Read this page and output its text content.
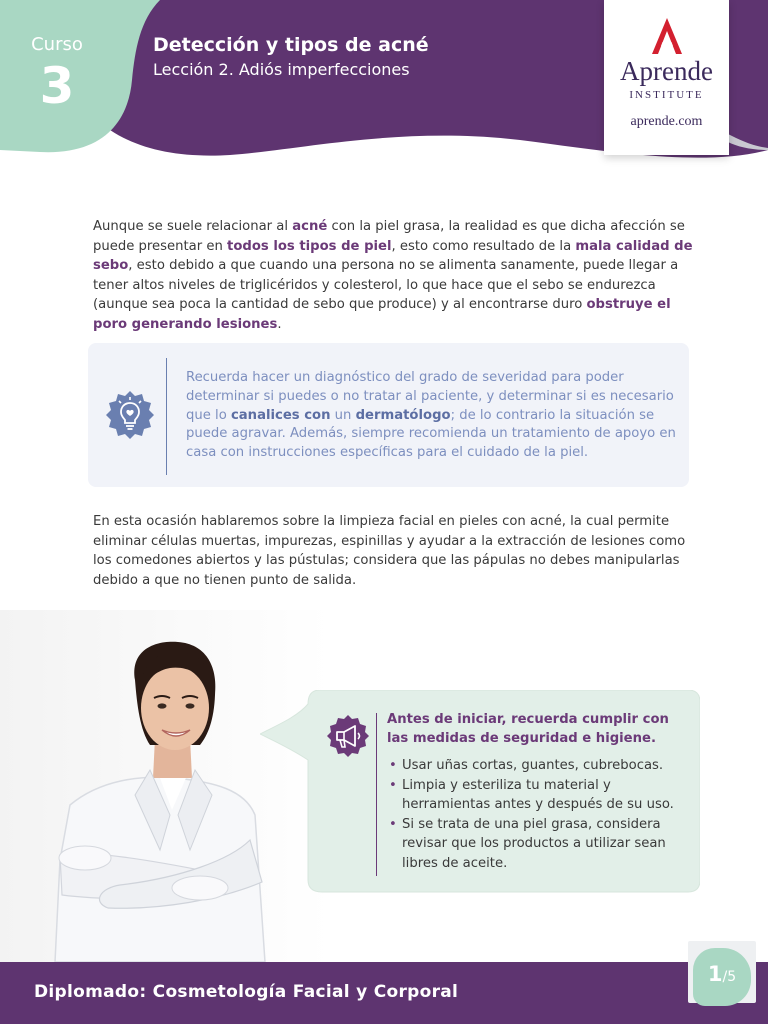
Curso
3
Detección y tipos de acné
Lección 2. Adiós imperfecciones	Aprende
INSTITUTE
aprende.com
Aunque se suele relacionar al acné con la piel grasa, la realidad es que dicha afección se puede presentar en todos los tipos de piel, esto como resultado de la mala calidad de sebo, esto debido a que cuando una persona no se alimenta sanamente, puede llegar a tener altos niveles de triglicéridos y colesterol, lo que hace que el sebo se endurezca (aunque sea poca la cantidad de sebo que produce) y al encontrarse duro obstruye el poro generando lesiones.
Recuerda hacer un diagnóstico del grado de severidad para poder determinar si puedes o no tratar al paciente, y determinar si es necesario que lo canalices con un dermatólogo; de lo contrario la situación se puede agravar. Además, siempre recomienda un tratamiento de apoyo en casa con instrucciones específicas para el cuidado de la piel.
En esta ocasión hablaremos sobre la limpieza facial en pieles con acné, la cual permite eliminar células muertas, impurezas, espinillas y ayudar a la extracción de lesiones como los comedones abiertos y las pústulas; considera que las pápulas no debes manipularlas debido a que no tienen punto de salida.
Antes de iniciar, recuerda cumplir con las medidas de seguridad e higiene.
• Usar uñas cortas, guantes, cubrebocas.
• Limpia y esteriliza tu material y herramientas antes y después de su uso.
• Si se trata de una piel grasa, considera revisar que los productos a utilizar sean libres de aceite.
Diplomado: Cosmetología Facial y Corporal
1/5
